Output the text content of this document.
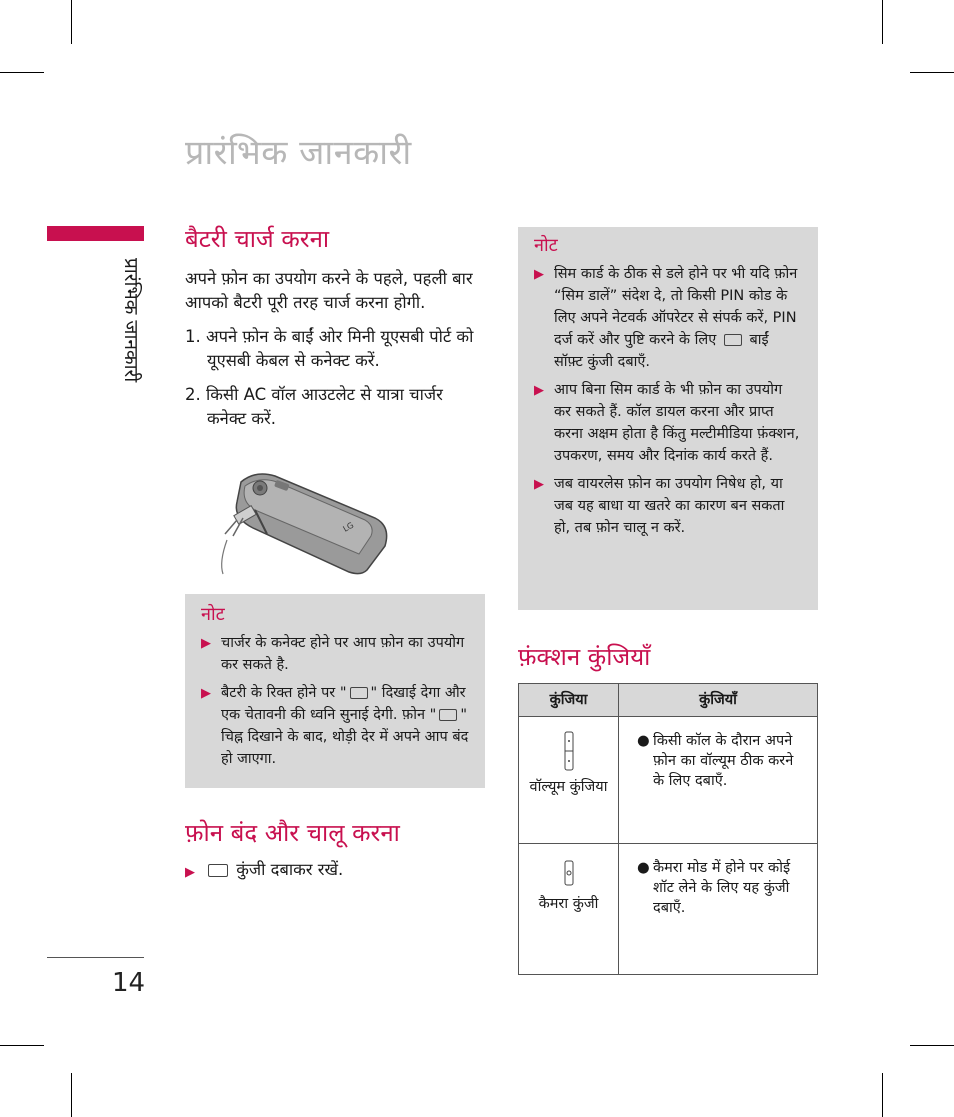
प्रारंभिक जानकारी
प्रारंभिक जानकारी
बैटरी चार्ज करना
अपने फ़ोन का उपयोग करने के पहले, पहली बार आपको बैटरी पूरी तरह चार्ज करना होगी.
1. अपने फ़ोन के बाईं ओर मिनी यूएसबी पोर्ट को यूएसबी केबल से कनेक्ट करें.
2. किसी AC वॉल आउटलेट से यात्रा चार्जर कनेक्ट करें.
LG
नोट
▶ चार्जर के कनेक्ट होने पर आप फ़ोन का उपयोग कर सकते है.
▶ बैटरी के रिक्त होने पर " " दिखाई देगा और एक चेतावनी की ध्वनि सुनाई देगी. फ़ोन " " चिह्न दिखाने के बाद, थोड़ी देर में अपने आप बंद हो जाएगा.
फ़ोन बंद और चालू करना
▶	कुंजी दबाकर रखें.
14
नोट
▶ सिम कार्ड के ठीक से डले होने पर भी यदि फ़ोन “सिम डालें” संदेश दे, तो किसी PIN कोड के लिए अपने नेटवर्क ऑपरेटर से संपर्क करें, PIN दर्ज करें और पुष्टि करने के लिए बाईं सॉफ़्ट कुंजी दबाएँ.
▶ आप बिना सिम कार्ड के भी फ़ोन का उपयोग कर सकते हैं. कॉल डायल करना और प्राप्त करना अक्षम होता है किंतु मल्टीमीडिया फ़ंक्शन, उपकरण, समय और दिनांक कार्य करते हैं.
▶ जब वायरलेस फ़ोन का उपयोग निषेध हो, या जब यह बाधा या खतरे का कारण बन सकता हो, तब फ़ोन चालू न करें.
फ़ंक्शन कुंजियाँ
कुंजिया	कुंजियाँ

वॉल्यूम कुंजिया	● किसी कॉल के दौरान अपने फ़ोन का वॉल्यूम ठीक करने के लिए दबाएँ.

कैमरा कुंजी	● कैमरा मोड में होने पर कोई शॉट लेने के लिए यह कुंजी दबाएँ.
